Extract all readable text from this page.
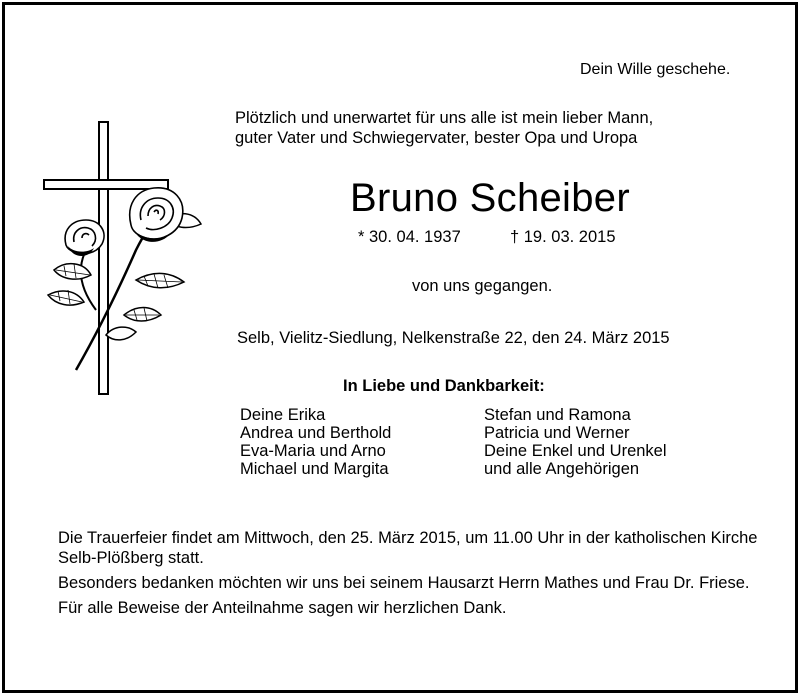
Dein Wille geschehe.
Plötzlich und unerwartet für uns alle ist mein lieber Mann,
guter Vater und Schwiegervater, bester Opa und Uropa
Bruno Scheiber
* 30. 04. 1937	† 19. 03. 2015
von uns gegangen.
Selb, Vielitz-Siedlung, Nelkenstraße 22, den 24. März 2015
In Liebe und Dankbarkeit:
Deine Erika
Andrea und Berthold
Eva-Maria und Arno
Michael und Margita
Stefan und Ramona
Patricia und Werner
Deine Enkel und Urenkel
und alle Angehörigen

Die Trauerfeier findet am Mittwoch, den 25. März 2015, um 11.00 Uhr in der katholischen Kirche Selb-Plößberg statt.

Besonders bedanken möchten wir uns bei seinem Hausarzt Herrn Mathes und Frau Dr. Friese.

Für alle Beweise der Anteilnahme sagen wir herzlichen Dank.
